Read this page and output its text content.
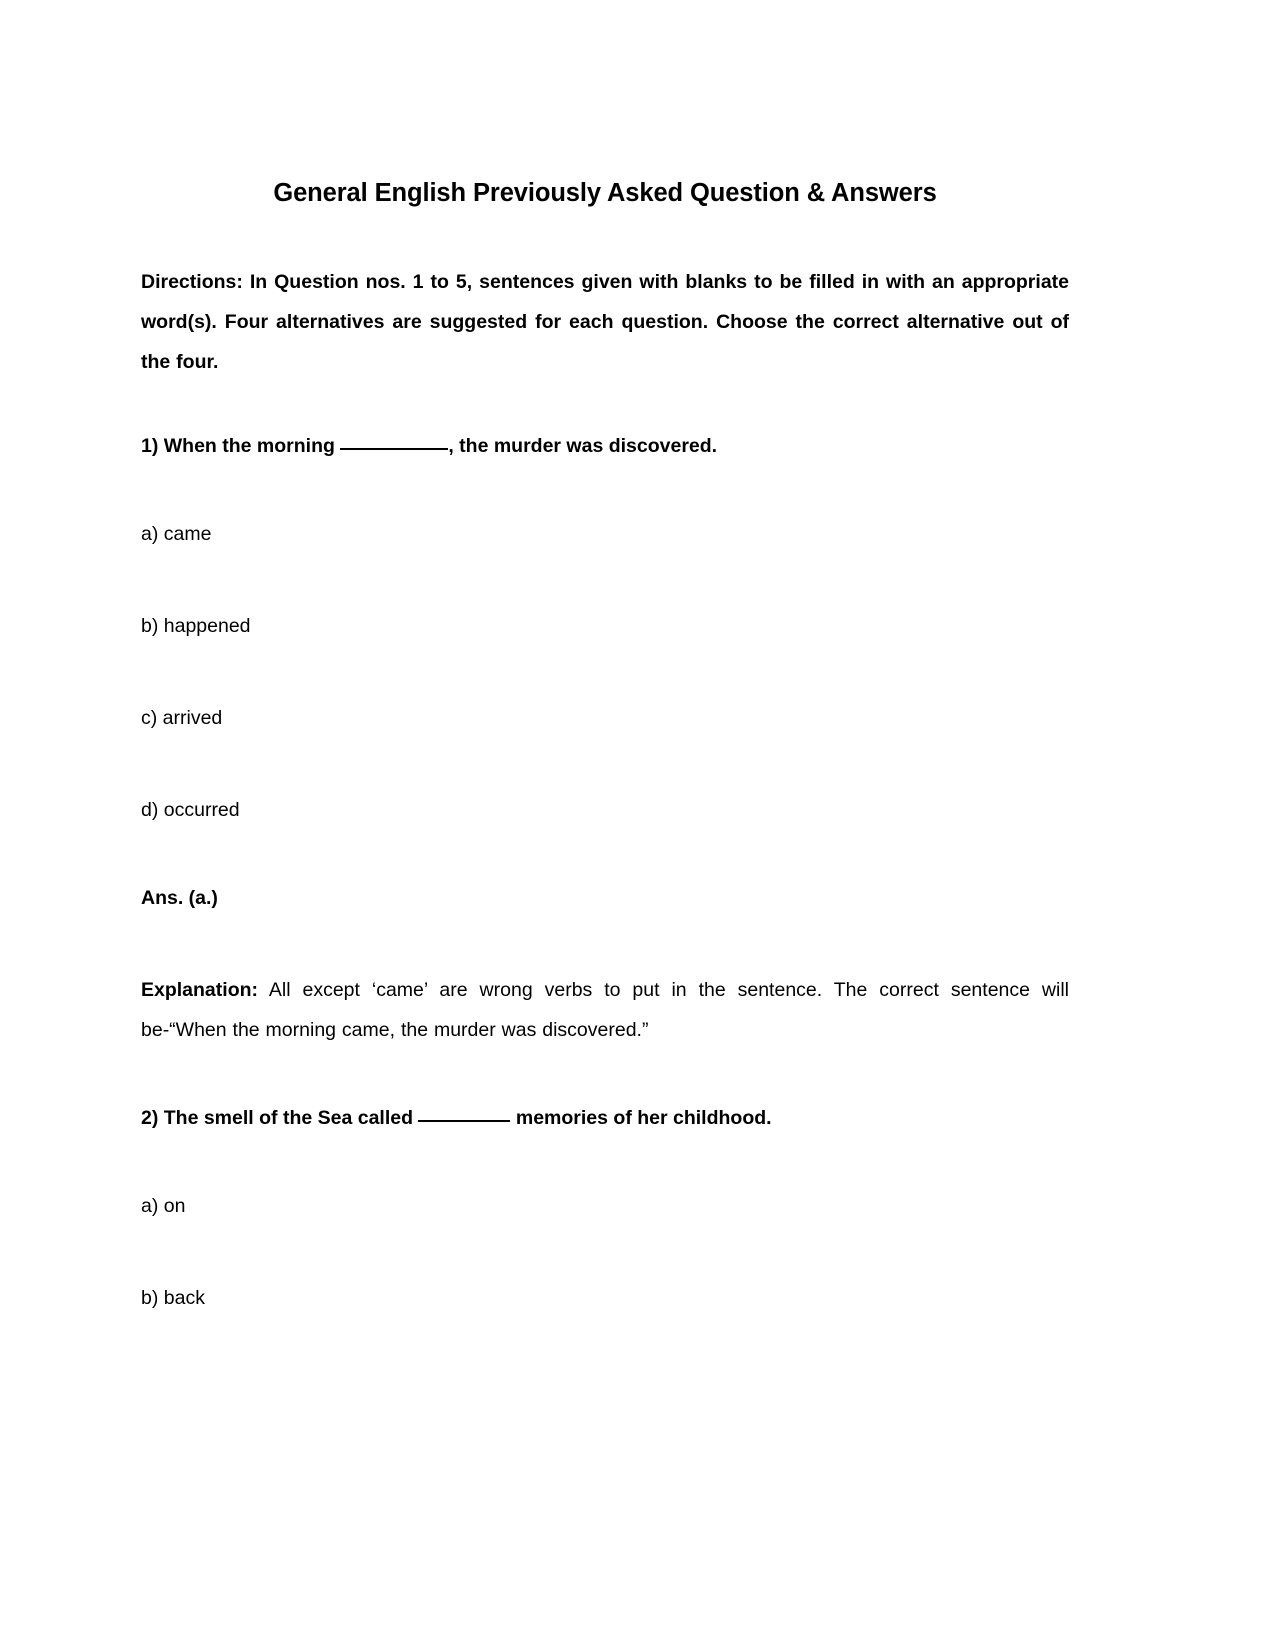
General English Previously Asked Question & Answers

Directions: In Question nos. 1 to 5, sentences given with blanks to be filled in with an appropriate word(s). Four alternatives are suggested for each question. Choose the correct alternative out of the four.

1) When the morning	, the murder was discovered.

a) came

b) happened

c) arrived

d) occurred

Ans. (a.)

Explanation: All except ‘came’ are wrong verbs to put in the sentence. The correct sentence will be-“When the morning came, the murder was discovered.”

2) The smell of the Sea called	memories of her childhood.

a) on

b) back
